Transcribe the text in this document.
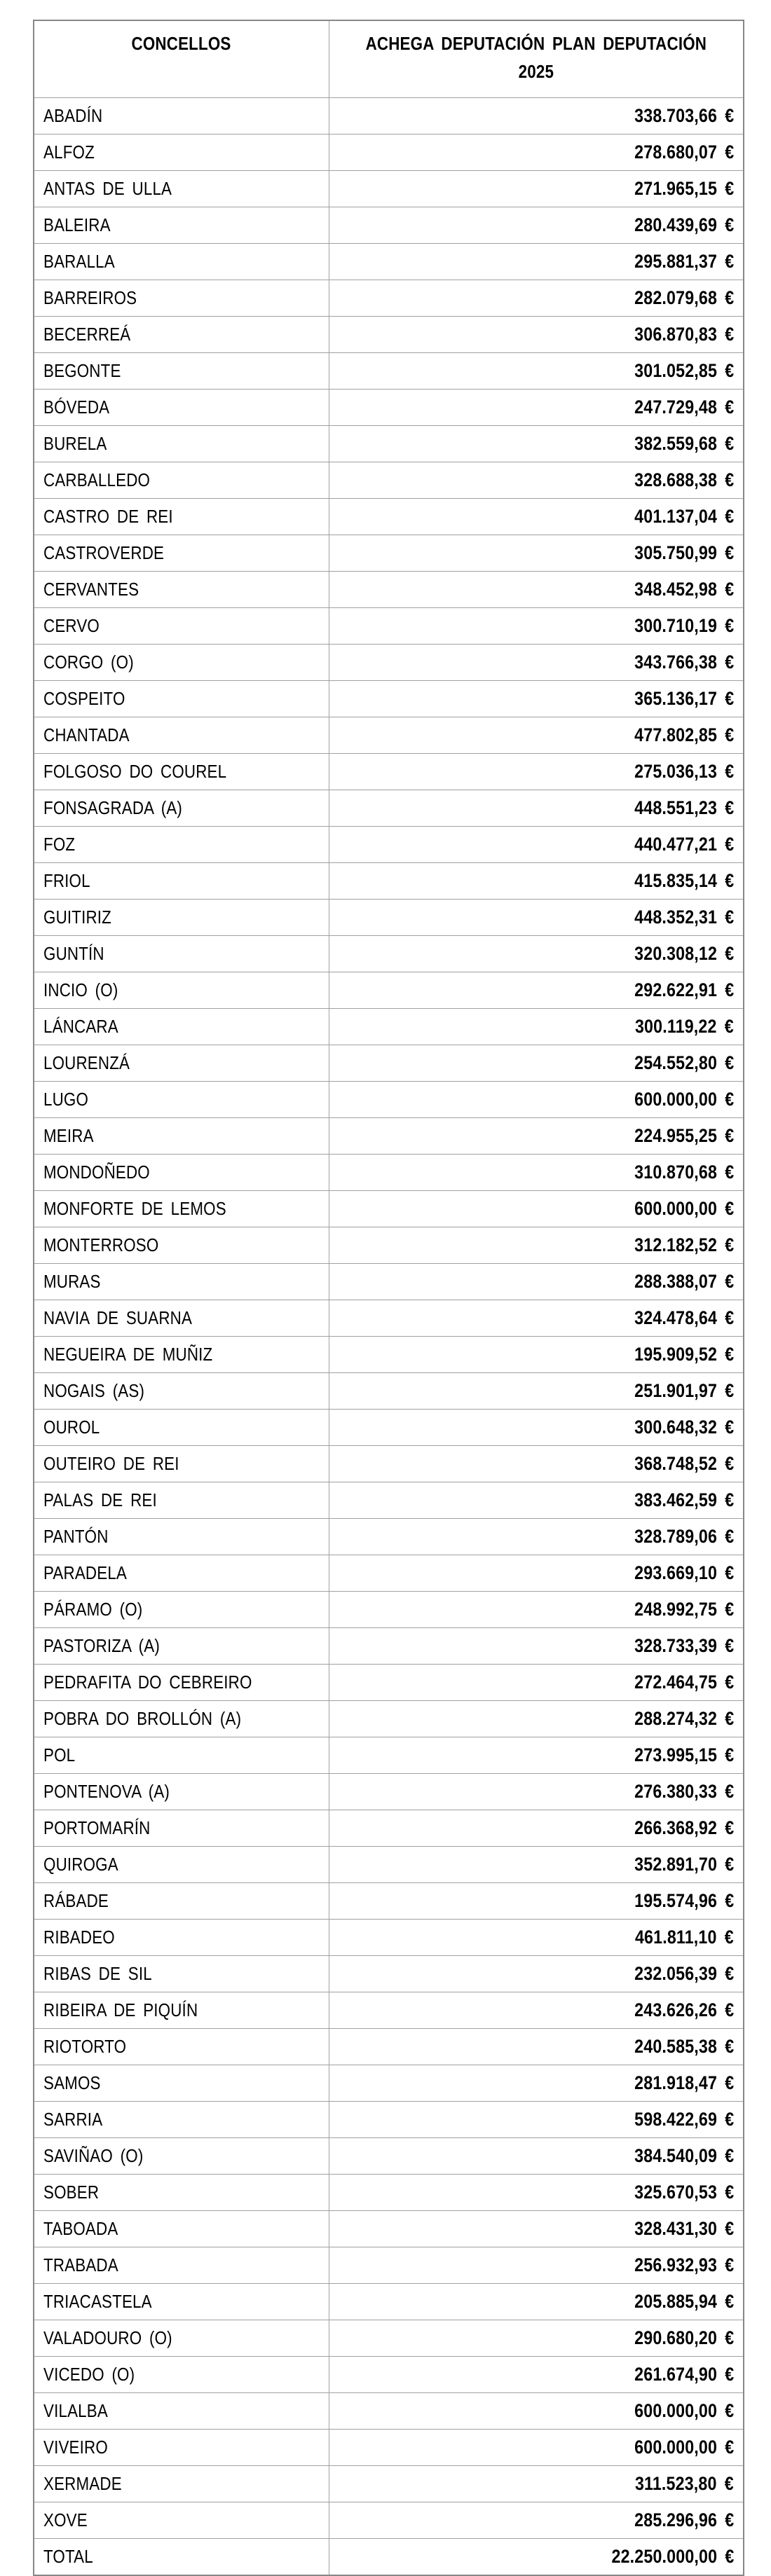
CONCELLOS	ACHEGA DEPUTACIÓN PLAN DEPUTACIÓN
2025

ABADÍN	338.703,66 €
ALFOZ	278.680,07 €
ANTAS DE ULLA	271.965,15 €
BALEIRA	280.439,69 €
BARALLA	295.881,37 €
BARREIROS	282.079,68 €
BECERREÁ	306.870,83 €
BEGONTE	301.052,85 €
BÓVEDA	247.729,48 €
BURELA	382.559,68 €
CARBALLEDO	328.688,38 €
CASTRO DE REI	401.137,04 €
CASTROVERDE	305.750,99 €
CERVANTES	348.452,98 €
CERVO	300.710,19 €
CORGO (O)	343.766,38 €
COSPEITO	365.136,17 €
CHANTADA	477.802,85 €
FOLGOSO DO COUREL	275.036,13 €
FONSAGRADA (A)	448.551,23 €
FOZ	440.477,21 €
FRIOL	415.835,14 €
GUITIRIZ	448.352,31 €
GUNTÍN	320.308,12 €
INCIO (O)	292.622,91 €
LÁNCARA	300.119,22 €
LOURENZÁ	254.552,80 €
LUGO	600.000,00 €
MEIRA	224.955,25 €
MONDOÑEDO	310.870,68 €
MONFORTE DE LEMOS	600.000,00 €
MONTERROSO	312.182,52 €
MURAS	288.388,07 €
NAVIA DE SUARNA	324.478,64 €
NEGUEIRA DE MUÑIZ	195.909,52 €
NOGAIS (AS)	251.901,97 €
OUROL	300.648,32 €
OUTEIRO DE REI	368.748,52 €
PALAS DE REI	383.462,59 €
PANTÓN	328.789,06 €
PARADELA	293.669,10 €
PÁRAMO (O)	248.992,75 €
PASTORIZA (A)	328.733,39 €
PEDRAFITA DO CEBREIRO	272.464,75 €
POBRA DO BROLLÓN (A)	288.274,32 €
POL	273.995,15 €
PONTENOVA (A)	276.380,33 €
PORTOMARÍN	266.368,92 €
QUIROGA	352.891,70 €
RÁBADE	195.574,96 €
RIBADEO	461.811,10 €
RIBAS DE SIL	232.056,39 €
RIBEIRA DE PIQUÍN	243.626,26 €
RIOTORTO	240.585,38 €
SAMOS	281.918,47 €
SARRIA	598.422,69 €
SAVIÑAO (O)	384.540,09 €
SOBER	325.670,53 €
TABOADA	328.431,30 €
TRABADA	256.932,93 €
TRIACASTELA	205.885,94 €
VALADOURO (O)	290.680,20 €
VICEDO (O)	261.674,90 €
VILALBA	600.000,00 €
VIVEIRO	600.000,00 €
XERMADE	311.523,80 €
XOVE	285.296,96 €
TOTAL	22.250.000,00 €
